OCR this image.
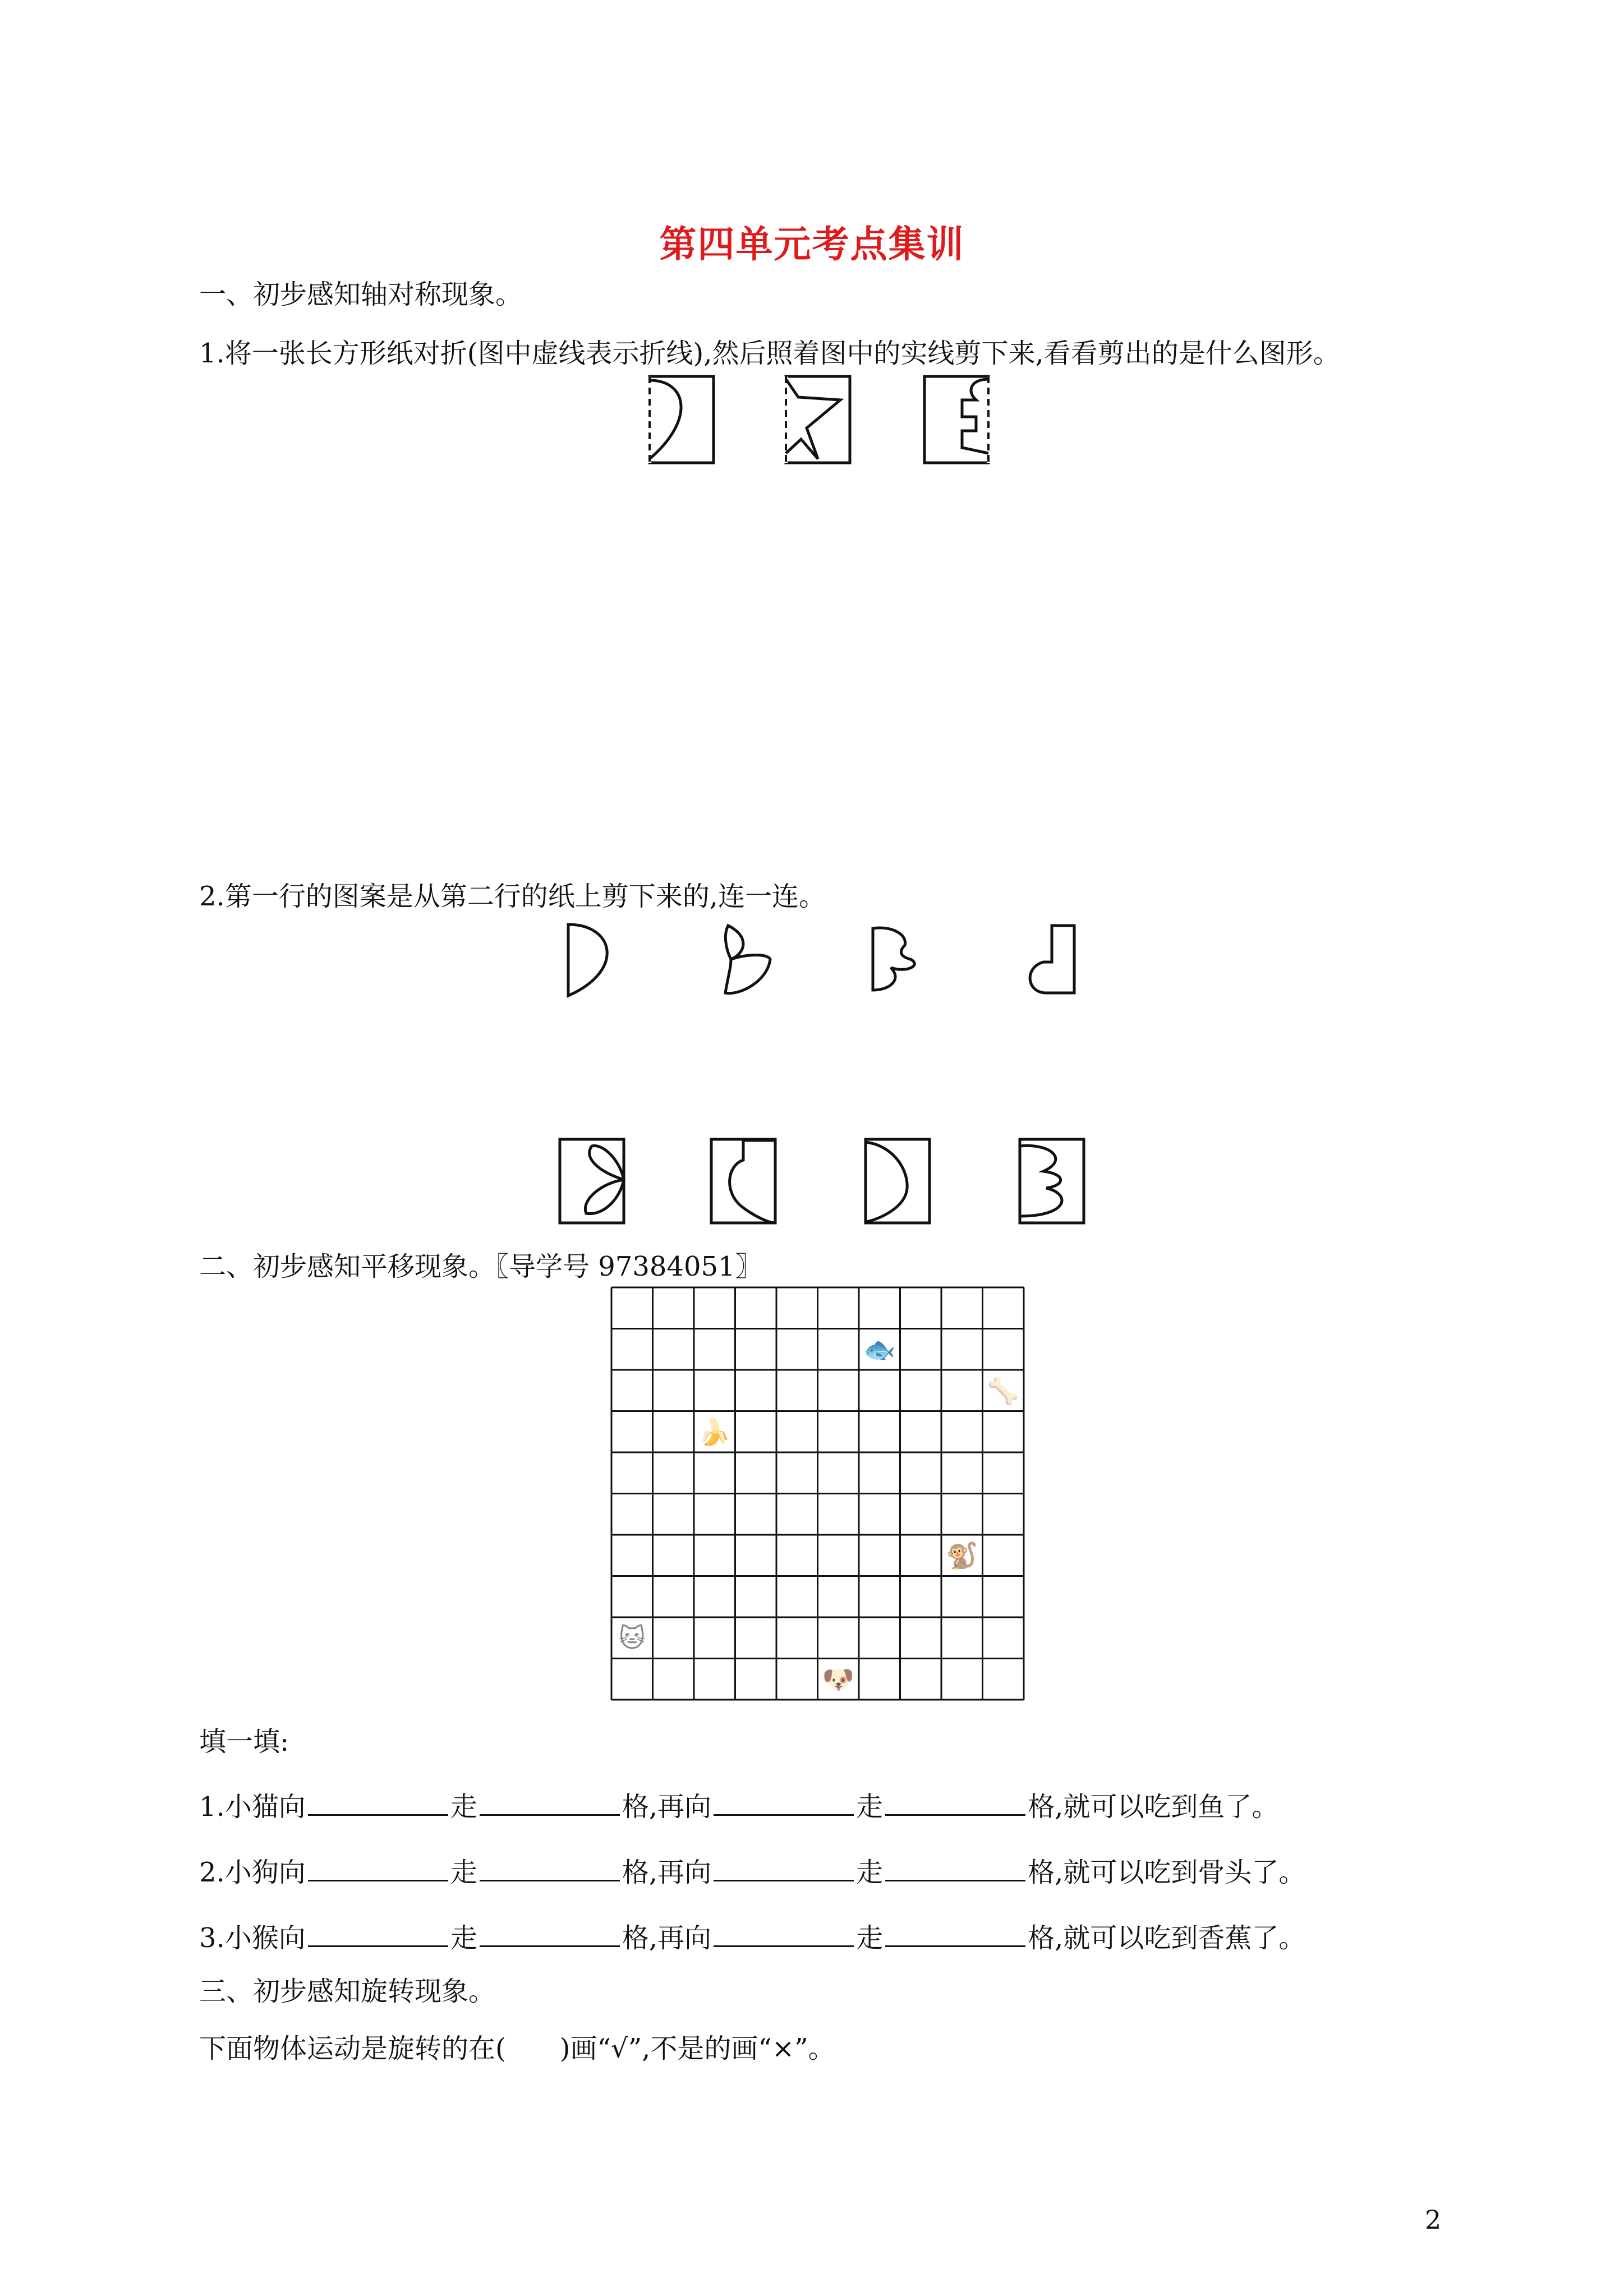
第四单元考点集训
一、初步感知轴对称现象。
1.将一张长方形纸对折(图中虚线表示折线),然后照着图中的实线剪下来,看看剪出的是什么图形。
2.第一行的图案是从第二行的纸上剪下来的,连一连。
二、初步感知平移现象。〖导学号 97384051〗
🐟
🦴
🍌
🐒
🐱
🐶
填一填:
1.小猫向	走	格,再向	走	格,就可以吃到鱼了。
2.小狗向	走	格,再向	走	格,就可以吃到骨头了。
3.小猴向	走	格,再向	走	格,就可以吃到香蕉了。
三、初步感知旋转现象。
下面物体运动是旋转的在(　　)画“√”,不是的画“×”。
2
